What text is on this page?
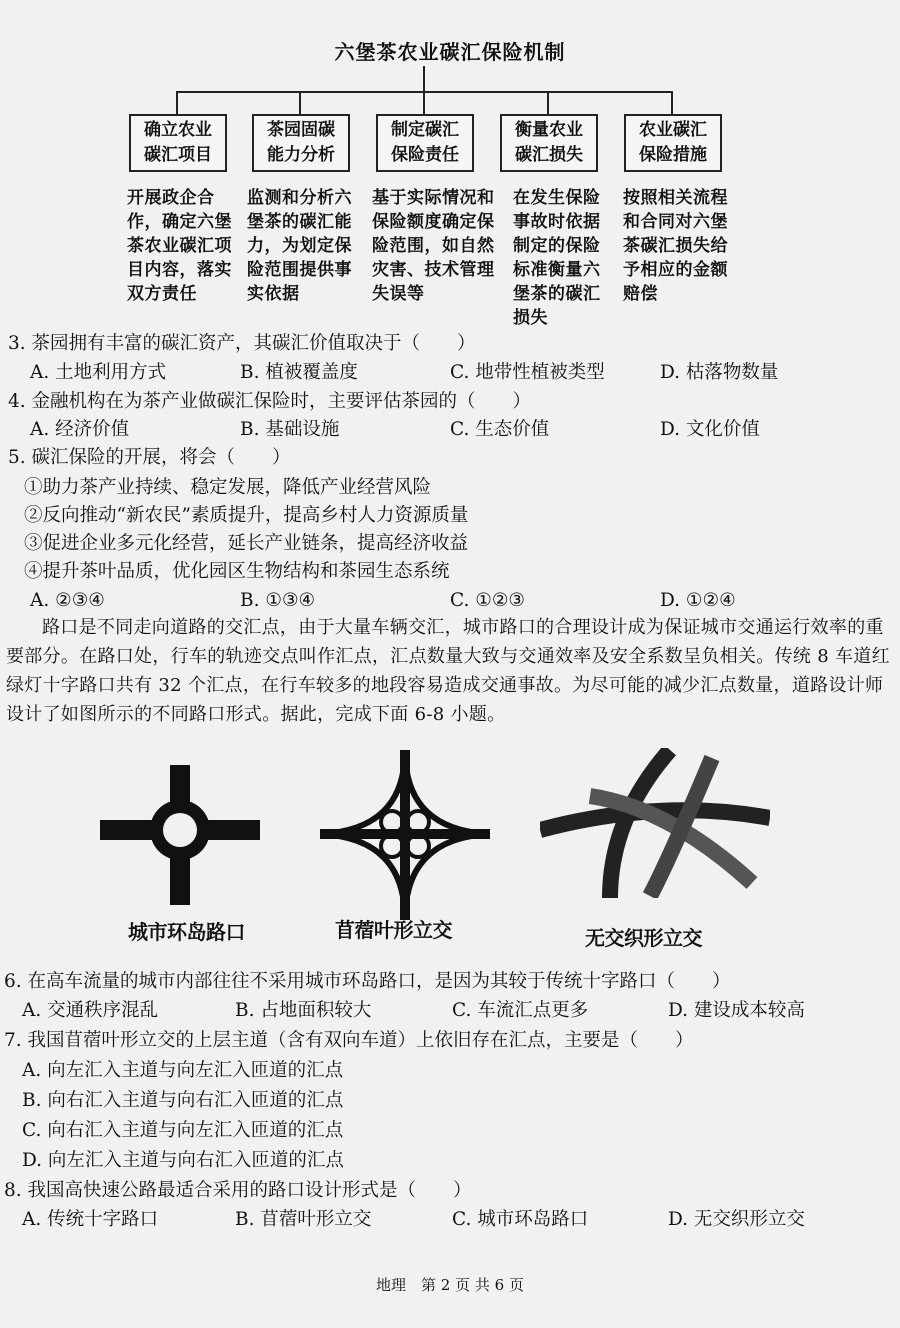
六堡茶农业碳汇保险机制
确立农业
碳汇项目
茶园固碳
能力分析
制定碳汇
保险责任
衡量农业
碳汇损失
农业碳汇
保险措施
开展政企合作，确定六堡茶农业碳汇项目内容，落实双方责任
监测和分析六堡茶的碳汇能力，为划定保险范围提供事实依据
基于实际情况和保险额度确定保险范围，如自然灾害、技术管理失误等
在发生保险事故时依据制定的保险标准衡量六堡茶的碳汇损失
按照相关流程和合同对六堡茶碳汇损失给予相应的金额赔偿
3. 茶园拥有丰富的碳汇资产，其碳汇价值取决于（　　）
A. 土地利用方式	B. 植被覆盖度	C. 地带性植被类型	D. 枯落物数量
4. 金融机构在为茶产业做碳汇保险时，主要评估茶园的（　　）
A. 经济价值	B. 基础设施	C. 生态价值	D. 文化价值
5. 碳汇保险的开展，将会（　　）
①助力茶产业持续、稳定发展，降低产业经营风险
②反向推动“新农民”素质提升，提高乡村人力资源质量
③促进企业多元化经营，延长产业链条，提高经济收益
④提升茶叶品质，优化园区生物结构和茶园生态系统
A. ②③④	B. ①③④	C. ①②③	D. ①②④
路口是不同走向道路的交汇点，由于大量车辆交汇，城市路口的合理设计成为保证城市交通运行效率的重要部分。在路口处，行车的轨迹交点叫作汇点，汇点数量大致与交通效率及安全系数呈负相关。传统 8 车道红绿灯十字路口共有 32 个汇点，在行车较多的地段容易造成交通事故。为尽可能的减少汇点数量，道路设计师设计了如图所示的不同路口形式。据此，完成下面 6-8 小题。
城市环岛路口	苜蓿叶形立交	无交织形立交
6. 在高车流量的城市内部往往不采用城市环岛路口，是因为其较于传统十字路口（　　）
A. 交通秩序混乱	B. 占地面积较大	C. 车流汇点更多	D. 建设成本较高
7. 我国苜蓿叶形立交的上层主道（含有双向车道）上依旧存在汇点，主要是（　　）
A. 向左汇入主道与向左汇入匝道的汇点
B. 向右汇入主道与向右汇入匝道的汇点
C. 向右汇入主道与向左汇入匝道的汇点
D. 向左汇入主道与向右汇入匝道的汇点
8. 我国高快速公路最适合采用的路口设计形式是（　　）
A. 传统十字路口	B. 苜蓿叶形立交	C. 城市环岛路口	D. 无交织形立交
地理　第 2 页 共 6 页
